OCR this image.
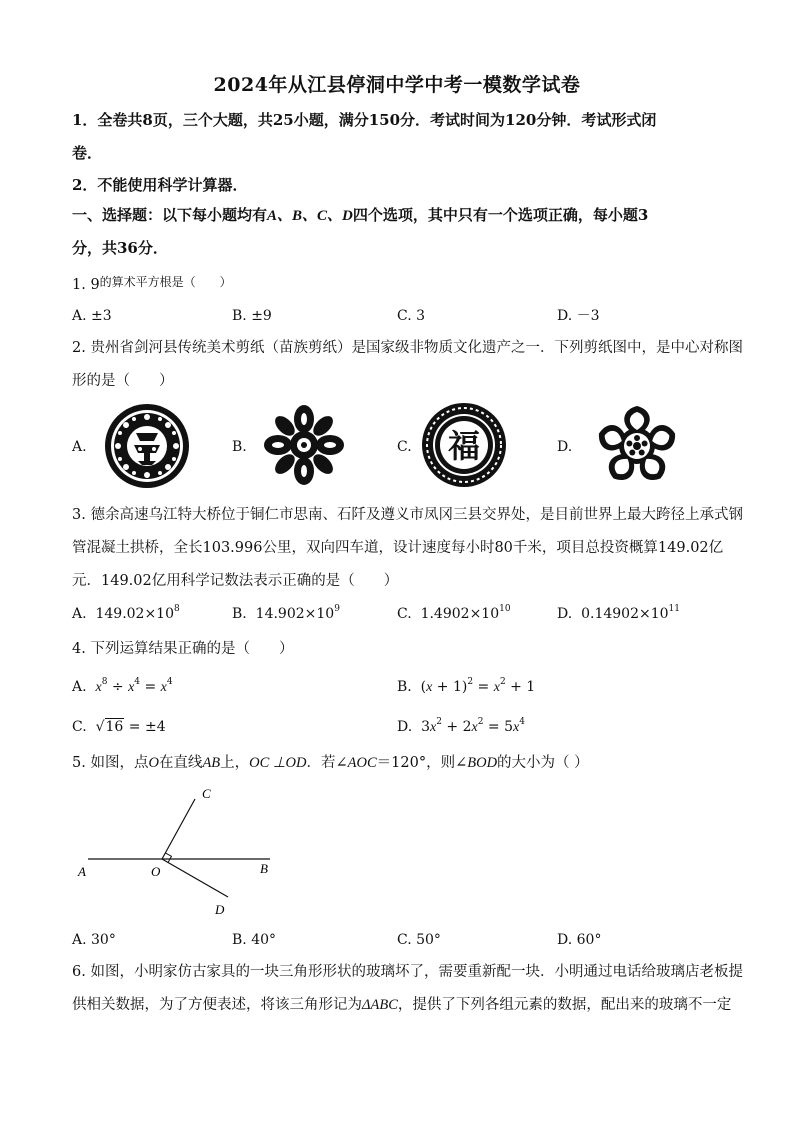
2024年从江县停洞中学中考一模数学试卷
1．全卷共8页，三个大题，共25小题，满分150分．考试时间为120分钟．考试形式闭
卷．
2．不能使用科学计算器．
一、选择题：以下每小题均有A、B、C、D四个选项，其中只有一个选项正确，每小题3
分，共36分．
1. $9^{的算术平方根是( )}$
A. ±3	B. ±9	C. 3	D. －3
2. 贵州省剑河县传统美术剪纸（苗族剪纸）是国家级非物质文化遗产之一．下列剪纸图中，是中心对称图
形的是（　　）
A.	B.	C.	D.
福
3. 德余高速乌江特大桥位于铜仁市思南、石阡及遵义市凤冈三县交界处，是目前世界上最大跨径上承式钢
管混凝土拱桥，全长103.996公里，双向四车道，设计速度每小时80千米，项目总投资概算149.02亿
元．149.02亿用科学记数法表示正确的是（　　）
A. $149.02\times 10^8$	B. $14.902\times 10^9$	C. $1.4902\times 10^{10}$	D. $0.14902\times 10^{11}$
4. 下列运算结果正确的是（　　）
A. $x^8 \div x^4 = x^4$	B. $(x + 1)^2 = x^2 + 1$
C. √16 = ±4	D. $3x^2 + 2x^2 = 5x^4$
5. 如图，点O在直线AB上，OC ⊥OD．若∠AOC＝120°，则∠BOD的大小为（ ）
A	O	B
C
D
A. 30°	B. 40°	C. 50°	D. 60°
6. 如图，小明家仿古家具的一块三角形形状的玻璃坏了，需要重新配一块．小明通过电话给玻璃店老板提
供相关数据，为了方便表述，将该三角形记为ΔABC，提供了下列各组元素的数据，配出来的玻璃不一定
